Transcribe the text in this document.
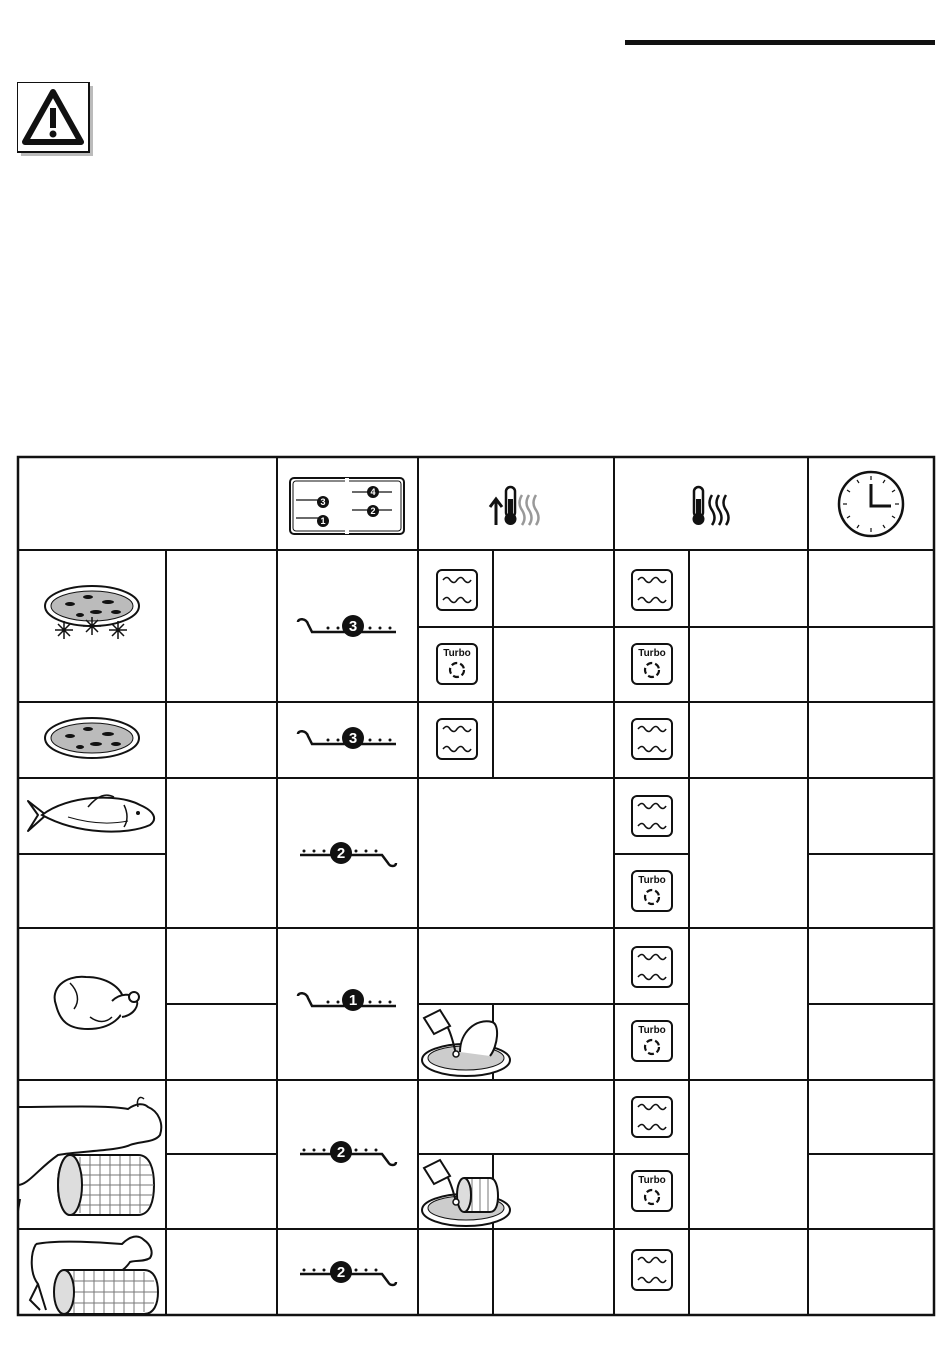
3
1
4
2
3
3
2
1
2
2
Turbo	Turbo
Turbo
Turbo
Turbo
